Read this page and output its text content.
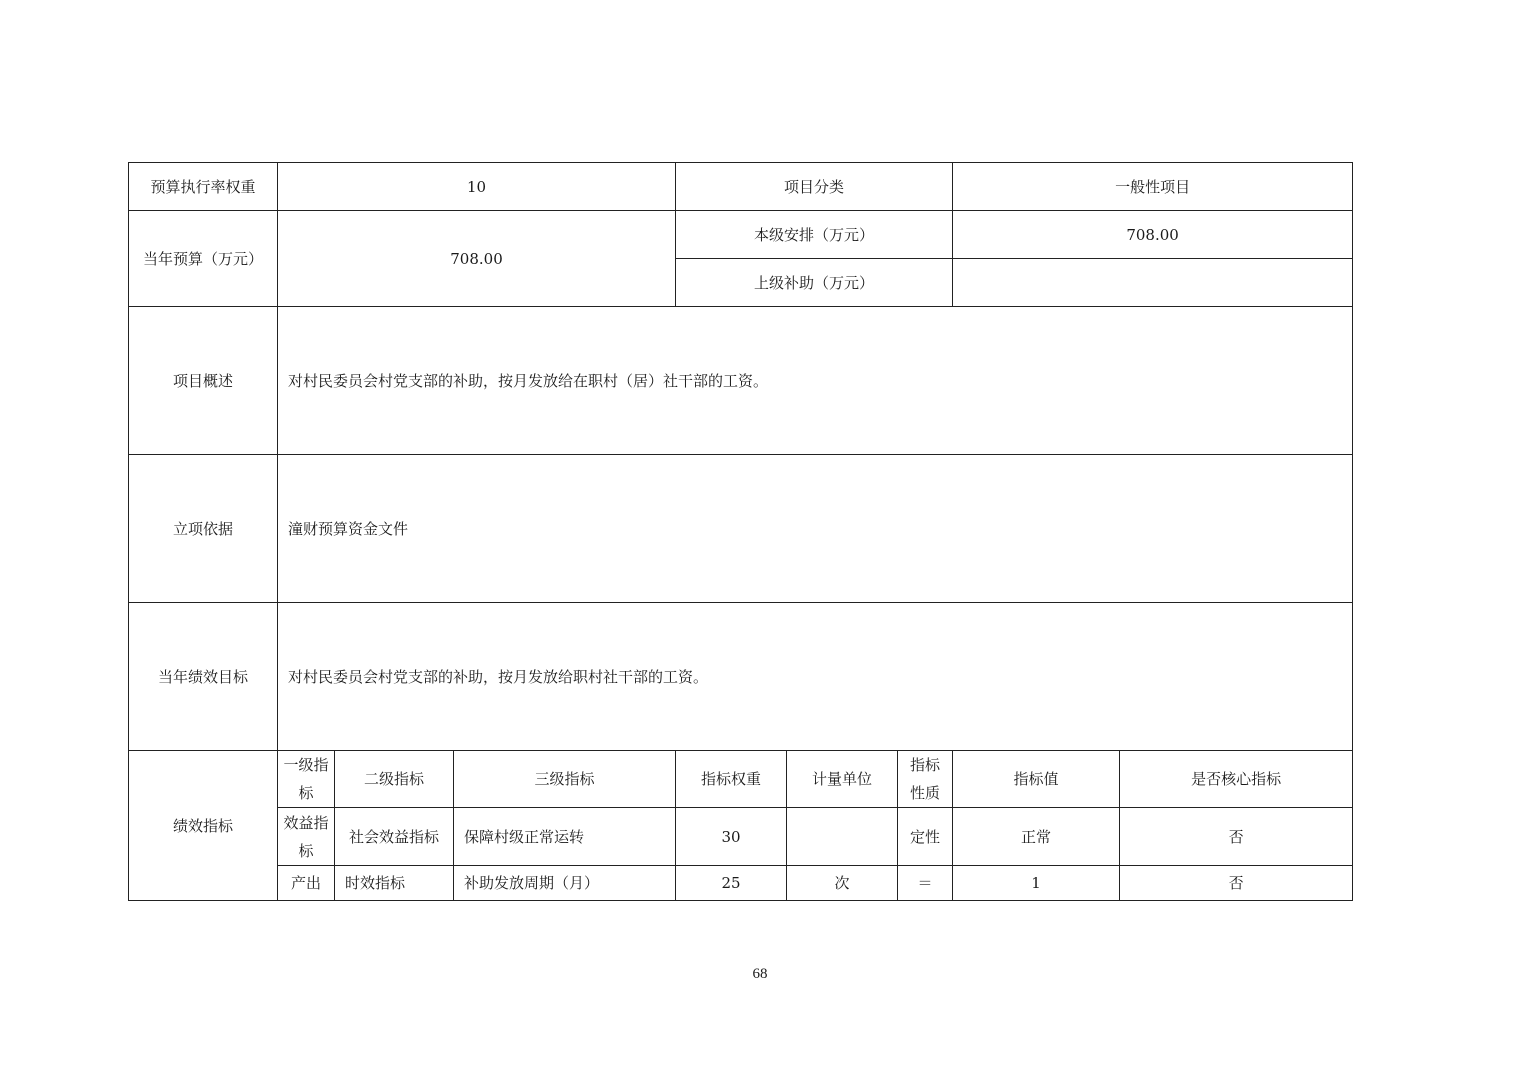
预算执行率权重	10			项目分类			一般性项目	
当年预算（万元）	708.00			本级安排（万元）			708.00	
				上级补助（万元）				
项目概述	对村民委员会村党支部的补助，按月发放给在职村（居）社干部的工资。							
立项依据	潼财预算资金文件							
当年绩效目标	对村民委员会村党支部的补助，按月发放给职村社干部的工资。							
绩效指标	一级指标	二级指标	三级指标	指标权重	计量单位	指标性质	指标值	是否核心指标
	效益指标	社会效益指标	保障村级正常运转	30		定性	正常	否
	产出	时效指标	补助发放周期（月）	25	次	＝	1	否
68
